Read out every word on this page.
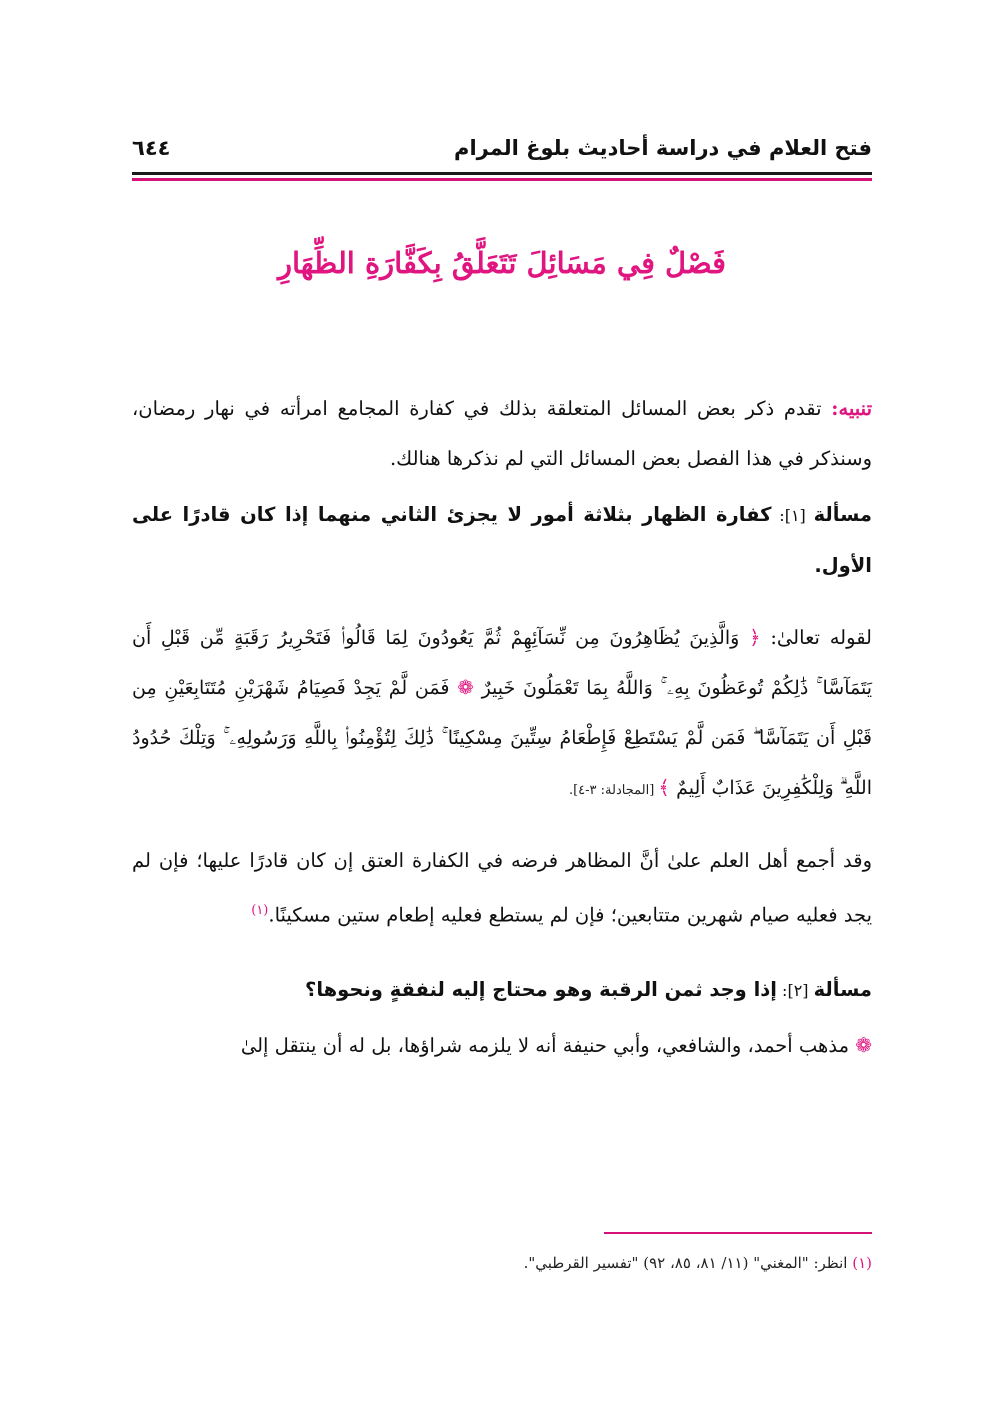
فتح العلام في دراسة أحاديث بلوغ المرام
٦٤٤
فَصْلٌ فِي مَسَائِلَ تَتَعَلَّقُ بِكَفَّارَةِ الظِّهَارِ

تنبيه: تقدم ذكر بعض المسائل المتعلقة بذلك في كفارة المجامع امرأته في نهار رمضان، وسنذكر في هذا الفصل بعض المسائل التي لم نذكرها هنالك.

مسألة [١]: كفارة الظهار بثلاثة أمور لا يجزئ الثاني منهما إذا كان قادرًا على الأول.

لقوله تعالىٰ: ﴿ وَالَّذِينَ يُظَاهِرُونَ مِن نِّسَآئِهِمْ ثُمَّ يَعُودُونَ لِمَا قَالُوا۟ فَتَحْرِيرُ رَقَبَةٍ مِّن قَبْلِ أَن يَتَمَآسَّا ۚ ذَٰلِكُمْ تُوعَظُونَ بِهِۦ ۚ وَاللَّهُ بِمَا تَعْمَلُونَ خَبِيرٌ ❁ فَمَن لَّمْ يَجِدْ فَصِيَامُ شَهْرَيْنِ مُتَتَابِعَيْنِ مِن قَبْلِ أَن يَتَمَآسَّا ۖ فَمَن لَّمْ يَسْتَطِعْ فَإِطْعَامُ سِتِّينَ مِسْكِينًا ۚ ذَٰلِكَ لِتُؤْمِنُوا۟ بِاللَّهِ وَرَسُولِهِۦ ۚ وَتِلْكَ حُدُودُ اللَّهِ ۗ وَلِلْكَٰفِرِينَ عَذَابٌ أَلِيمٌ ﴾ [المجادلة: ٣-٤].

وقد أجمع أهل العلم علىٰ أنَّ المظاهر فرضه في الكفارة العتق إن كان قادرًا عليها؛ فإن لم يجد فعليه صيام شهرين متتابعين؛ فإن لم يستطع فعليه إطعام ستين مسكينًا.$^{(١)}$

مسألة [٢]: إذا وجد ثمن الرقبة وهو محتاج إليه لنفقةٍ ونحوها؟

❁ مذهب أحمد، والشافعي، وأبي حنيفة أنه لا يلزمه شراؤها، بل له أن ينتقل إلىٰ

(١) انظر: "المغني" (١١/ ٨١، ٨٥، ٩٢) "تفسير القرطبي".
